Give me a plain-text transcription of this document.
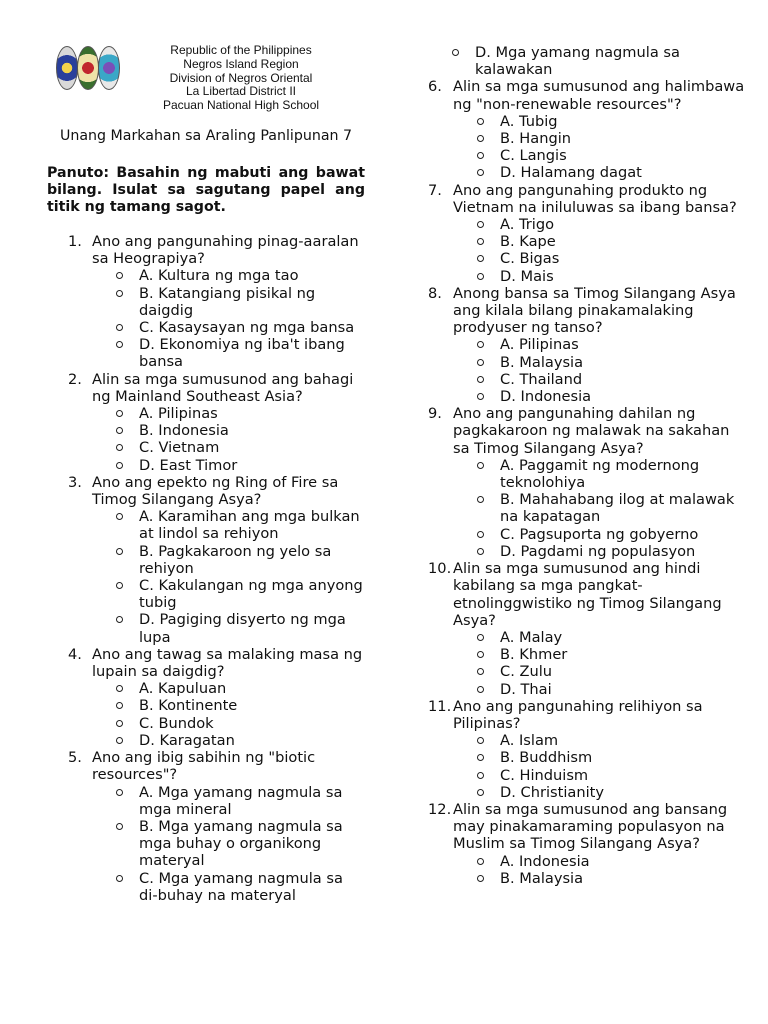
Republic of the Philippines
Negros Island Region
Division of Negros Oriental
La Libertad District II
Pacuan National High School
Unang Markahan sa Araling Panlipunan 7
Panuto: Basahin ng mabuti ang bawat bilang. Isulat sa sagutang papel ang titik ng tamang sagot.
1. Ano ang pangunahing pinag-aaralan sa Heograpiya?
A. Kultura ng mga tao
B. Katangiang pisikal ng daigdig
C. Kasaysayan ng mga bansa
D. Ekonomiya ng iba't ibang bansa
2. Alin sa mga sumusunod ang bahagi ng Mainland Southeast Asia?
A. Pilipinas
B. Indonesia
C. Vietnam
D. East Timor
3. Ano ang epekto ng Ring of Fire sa Timog Silangang Asya?
A. Karamihan ang mga bulkan at lindol sa rehiyon
B. Pagkakaroon ng yelo sa rehiyon
C. Kakulangan ng mga anyong tubig
D. Pagiging disyerto ng mga lupa
4. Ano ang tawag sa malaking masa ng lupain sa daigdig?
A. Kapuluan
B. Kontinente
C. Bundok
D. Karagatan
5. Ano ang ibig sabihin ng "biotic resources"?
A. Mga yamang nagmula sa mga mineral
B. Mga yamang nagmula sa mga buhay o organikong materyal
C. Mga yamang nagmula sa di-buhay na materyal
D. Mga yamang nagmula sa kalawakan
6. Alin sa mga sumusunod ang halimbawa ng "non-renewable resources"?
A. Tubig
B. Hangin
C. Langis
D. Halamang dagat
7. Ano ang pangunahing produkto ng Vietnam na iniluluwas sa ibang bansa?
A. Trigo
B. Kape
C. Bigas
D. Mais
8. Anong bansa sa Timog Silangang Asya ang kilala bilang pinakamalaking prodyuser ng tanso?
A. Pilipinas
B. Malaysia
C. Thailand
D. Indonesia
9. Ano ang pangunahing dahilan ng pagkakaroon ng malawak na sakahan sa Timog Silangang Asya?
A. Paggamit ng modernong teknolohiya
B. Mahahabang ilog at malawak na kapatagan
C. Pagsuporta ng gobyerno
D. Pagdami ng populasyon
10. Alin sa mga sumusunod ang hindi kabilang sa mga pangkat-etnolinggwistiko ng Timog Silangang Asya?
A. Malay
B. Khmer
C. Zulu
D. Thai
11. Ano ang pangunahing relihiyon sa Pilipinas?
A. Islam
B. Buddhism
C. Hinduism
D. Christianity
12. Alin sa mga sumusunod ang bansang may pinakamaraming populasyon na Muslim sa Timog Silangang Asya?
A. Indonesia
B. Malaysia
